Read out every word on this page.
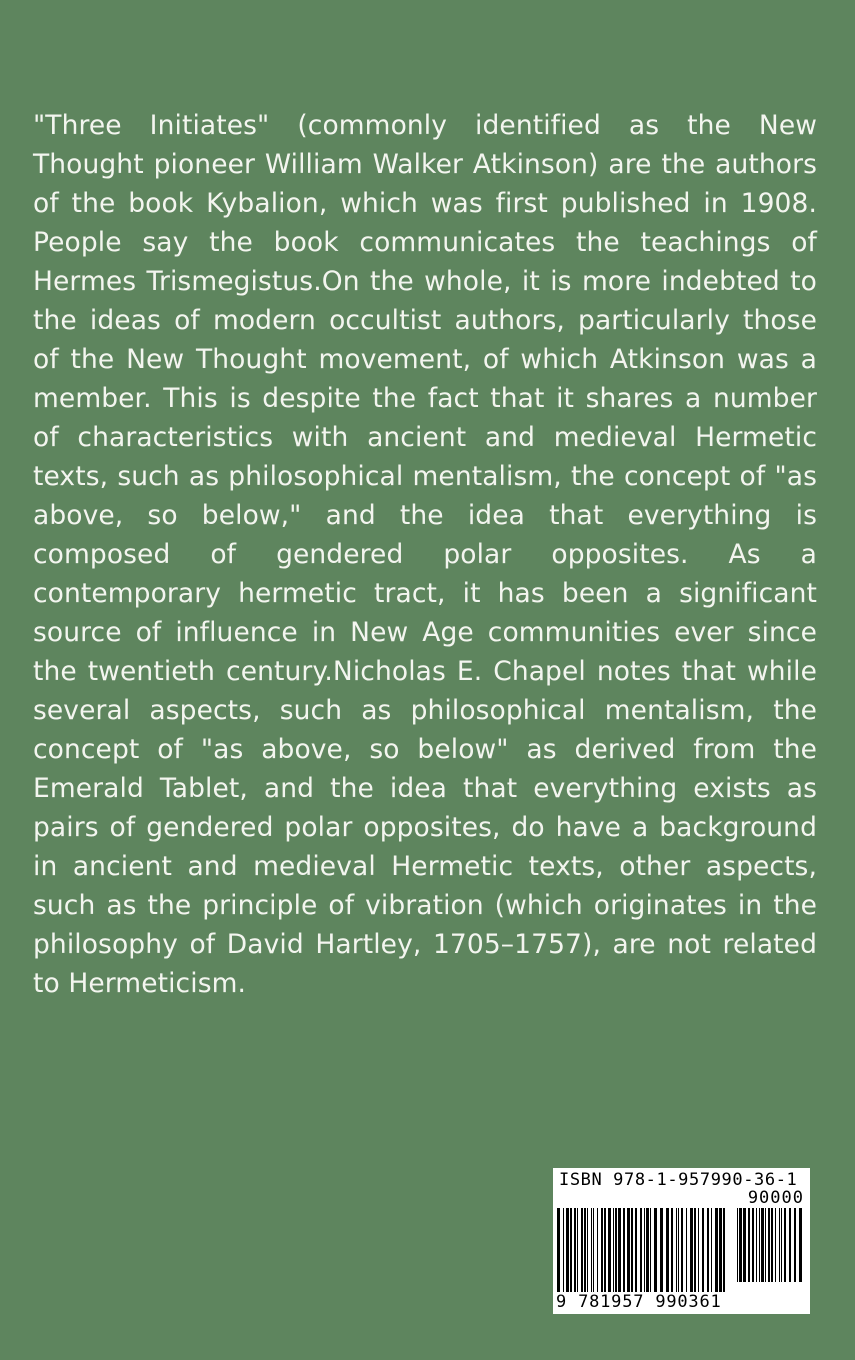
"Three Initiates" (commonly identified as the New Thought pioneer William Walker Atkinson) are the authors of the book Kybalion, which was first published in 1908. People say the book communicates the teachings of Hermes Trismegistus.On the whole, it is more indebted to the ideas of modern occultist authors, particularly those of the New Thought movement, of which Atkinson was a member. This is despite the fact that it shares a number of characteristics with ancient and medieval Hermetic texts, such as philosophical mentalism, the concept of "as above, so below," and the idea that everything is composed of gendered polar opposites. As a contemporary hermetic tract, it has been a significant source of influence in New Age communities ever since the twentieth century.Nicholas E. Chapel notes that while several aspects, such as philosophical mentalism, the concept of "as above, so below" as derived from the Emerald Tablet, and the idea that everything exists as pairs of gendered polar opposites, do have a background in ancient and medieval Hermetic texts, other aspects, such as the principle of vibration (which originates in the philosophy of David Hartley, 1705–1757), are not related to Hermeticism.

ISBN 978-1-957990-36-1
90000
9 781957 990361
